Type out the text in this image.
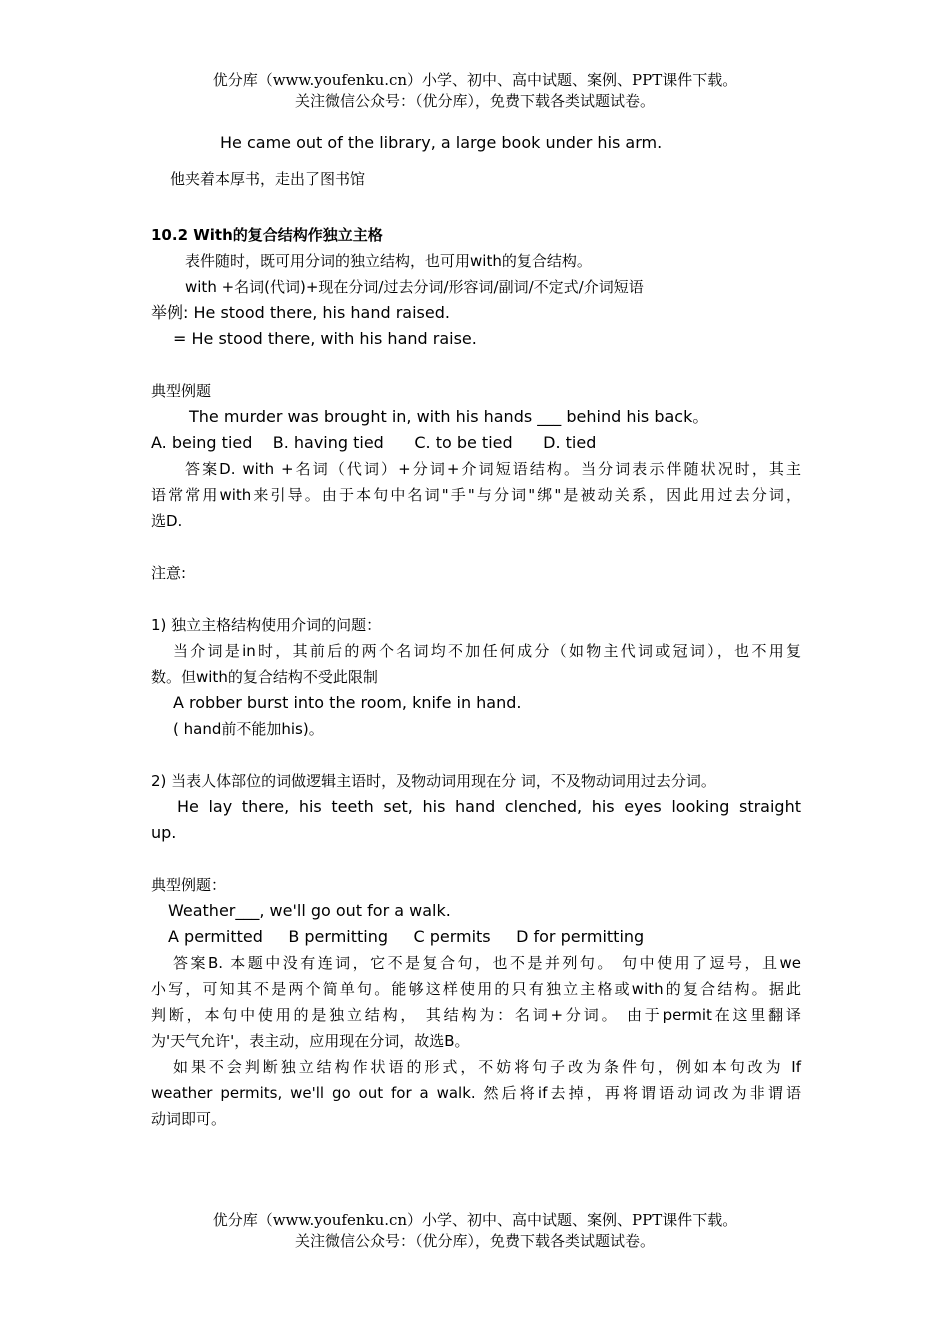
优分库（www.youfenku.cn）小学、初中、高中试题、案例、PPT课件下载。
关注微信公众号：（优分库），免费下载各类试题试卷。
He came out of the library, a large book under his arm.
他夹着本厚书，走出了图书馆
10.2 With的复合结构作独立主格
表件随时，既可用分词的独立结构，也可用with的复合结构。
with +名词(代词)+现在分词/过去分词/形容词/副词/不定式/介词短语
举例: He stood there, his hand raised.
= He stood there, with his hand raise.
典型例题
The murder was brought in, with his hands ___ behind his back。
A. being tied    B. having tied      C. to be tied      D. tied
答案D. with +名词（代词）+分词+介词短语结构。当分词表示伴随状况时，其主
语常常用with来引导。由于本句中名词"手"与分词"绑"是被动关系，因此用过去分词，
选D.
注意:
1) 独立主格结构使用介词的问题：
当介词是in时，其前后的两个名词均不加任何成分（如物主代词或冠词），也不用复
数。但with的复合结构不受此限制
A robber burst into the room, knife in hand.
( hand前不能加his)。
2) 当表人体部位的词做逻辑主语时，及物动词用现在分 词，不及物动词用过去分词。
He lay there, his teeth set, his hand clenched, his eyes looking straight
up.
典型例题：
Weather___, we'll go out for a walk.
A permitted     B permitting     C permits     D for permitting
答案B. 本题中没有连词，它不是复合句，也不是并列句。 句中使用了逗号，且we
小写，可知其不是两个简单句。能够这样使用的只有独立主格或with的复合结构。据此
判断，本句中使用的是独立结构， 其结构为：名词+分词。 由于permit在这里翻译
为'天气允许'，表主动，应用现在分词，故选B。
如果不会判断独立结构作状语的形式，不妨将句子改为条件句，例如本句改为 If
weather permits, we'll go out for a walk. 然后将if去掉，再将谓语动词改为非谓语
动词即可。
优分库（www.youfenku.cn）小学、初中、高中试题、案例、PPT课件下载。
关注微信公众号：（优分库），免费下载各类试题试卷。
